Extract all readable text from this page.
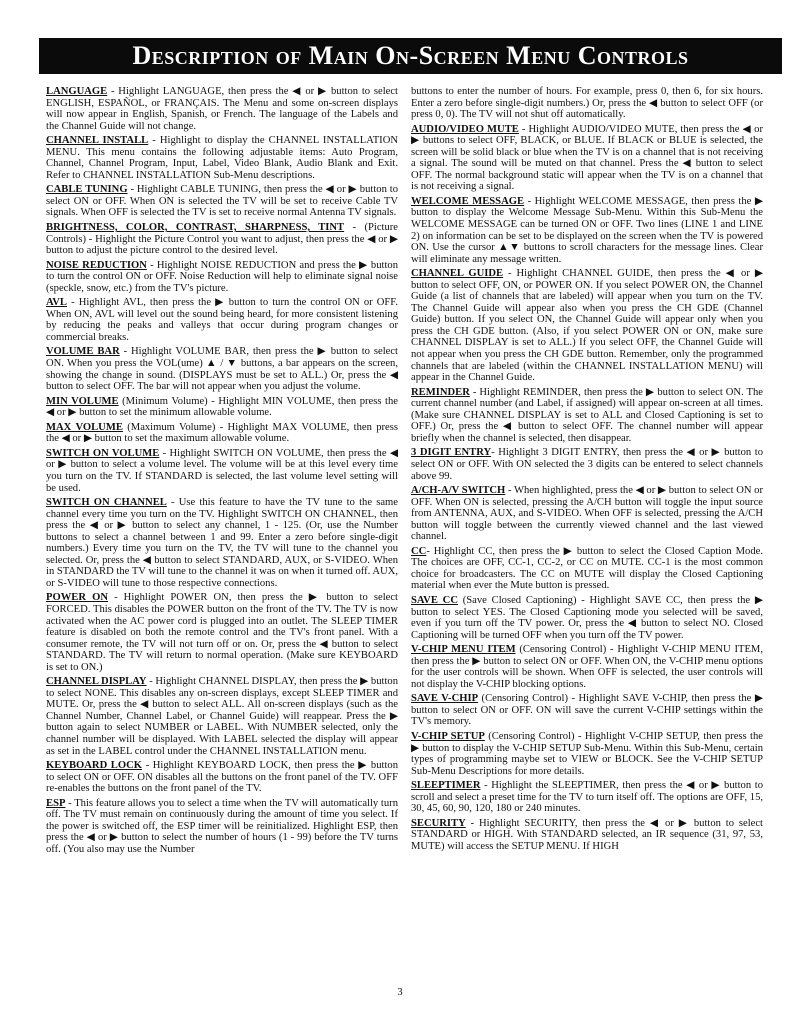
Description of Main On-Screen Menu Controls

LANGUAGE - Highlight LANGUAGE, then press the ◀ or ▶ button to select ENGLISH, ESPAÑOL, or FRANÇAIS. The Menu and some on-screen displays will now appear in English, Spanish, or French. The language of the Labels and the Channel Guide will not change.

CHANNEL INSTALL - Highlight to display the CHANNEL INSTALLATION MENU. This menu contains the following adjustable items: Auto Program, Channel, Channel Program, Input, Label, Video Blank, Audio Blank and Exit. Refer to CHANNEL INSTALLATION Sub-Menu descriptions.

CABLE TUNING - Highlight CABLE TUNING, then press the ◀ or ▶ button to select ON or OFF. When ON is selected the TV will be set to receive Cable TV signals. When OFF is selected the TV is set to receive normal Antenna TV signals.

BRIGHTNESS, COLOR, CONTRAST, SHARPNESS, TINT - (Picture Controls) - Highlight the Picture Control you want to adjust, then press the ◀ or ▶ button to adjust the picture control to the desired level.

NOISE REDUCTION - Highlight NOISE REDUCTION and press the ▶ button to turn the control ON or OFF. Noise Reduction will help to eliminate signal noise (speckle, snow, etc.) from the TV's picture.

AVL - Highlight AVL, then press the ▶ button to turn the control ON or OFF. When ON, AVL will level out the sound being heard, for more consistent listening by reducing the peaks and valleys that occur during program changes or commercial breaks.

VOLUME BAR - Highlight VOLUME BAR, then press the ▶ button to select ON. When you press the VOL(ume) ▲ / ▼ buttons, a bar appears on the screen, showing the change in sound. (DISPLAYS must be set to ALL.) Or, press the ◀ button to select OFF. The bar will not appear when you adjust the volume.

MIN VOLUME (Minimum Volume) - Highlight MIN VOLUME, then press the ◀ or ▶ button to set the minimum allowable volume.

MAX VOLUME (Maximum Volume) - Highlight MAX VOLUME, then press the ◀ or ▶ button to set the maximum allowable volume.

SWITCH ON VOLUME - Highlight SWITCH ON VOLUME, then press the ◀ or ▶ button to select a volume level. The volume will be at this level every time you turn on the TV. If STANDARD is selected, the last volume level setting will be used.

SWITCH ON CHANNEL - Use this feature to have the TV tune to the same channel every time you turn on the TV. Highlight SWITCH ON CHANNEL, then press the ◀ or ▶ button to select any channel, 1 - 125. (Or, use the Number buttons to select a channel between 1 and 99. Enter a zero before single-digit numbers.) Every time you turn on the TV, the TV will tune to the channel you selected. Or, press the ◀ button to select STANDARD, AUX, or S-VIDEO. When in STANDARD the TV will tune to the channel it was on when it turned off. AUX, or S-VIDEO will tune to those respective connections.

POWER ON - Highlight POWER ON, then press the ▶ button to select FORCED. This disables the POWER button on the front of the TV. The TV is now activated when the AC power cord is plugged into an outlet. The SLEEP TIMER feature is disabled on both the remote control and the TV's front panel. With a consumer remote, the TV will not turn off or on. Or, press the ◀ button to select STANDARD. The TV will return to normal operation. (Make sure KEYBOARD is set to ON.)

CHANNEL DISPLAY - Highlight CHANNEL DISPLAY, then press the ▶ button to select NONE. This disables any on-screen displays, except SLEEP TIMER and MUTE. Or, press the ◀ button to select ALL. All on-screen displays (such as the Channel Number, Channel Label, or Channel Guide) will reappear. Press the ▶ button again to select NUMBER or LABEL. With NUMBER selected, only the channel number will be displayed. With LABEL selected the display will appear as set in the LABEL control under the CHANNEL INSTALLATION menu.

KEYBOARD LOCK - Highlight KEYBOARD LOCK, then press the ▶ button to select ON or OFF. ON disables all the buttons on the front panel of the TV. OFF re-enables the buttons on the front panel of the TV.

ESP - This feature allows you to select a time when the TV will automatically turn off. The TV must remain on continuously during the amount of time you select. If the power is switched off, the ESP timer will be reinitialized. Highlight ESP, then press the ◀ or ▶ button to select the number of hours (1 - 99) before the TV turns off. (You also may use the Number

buttons to enter the number of hours. For example, press 0, then 6, for six hours. Enter a zero before single-digit numbers.) Or, press the ◀ button to select OFF (or press 0, 0). The TV will not shut off automatically.

AUDIO/VIDEO MUTE - Highlight AUDIO/VIDEO MUTE, then press the ◀ or ▶ buttons to select OFF, BLACK, or BLUE. If BLACK or BLUE is selected, the screen will be solid black or blue when the TV is on a channel that is not receiving a signal. The sound will be muted on that channel. Press the ◀ button to select OFF. The normal background static will appear when the TV is on a channel that is not receiving a signal.

WELCOME MESSAGE - Highlight WELCOME MESSAGE, then press the ▶ button to display the Welcome Message Sub-Menu. Within this Sub-Menu the WELCOME MESSAGE can be turned ON or OFF. Two lines (LINE 1 and LINE 2) on information can be set to be displayed on the screen when the TV is powered ON. Use the cursor ▲▼ buttons to scroll characters for the message lines. Clear will eliminate any message written.

CHANNEL GUIDE - Highlight CHANNEL GUIDE, then press the ◀ or ▶ button to select OFF, ON, or POWER ON. If you select POWER ON, the Channel Guide (a list of channels that are labeled) will appear when you turn on the TV. The Channel Guide will appear also when you press the CH GDE (Channel Guide) button. If you select ON, the Channel Guide will appear only when you press the CH GDE button. (Also, if you select POWER ON or ON, make sure CHANNEL DISPLAY is set to ALL.) If you select OFF, the Channel Guide will not appear when you press the CH GDE button. Remember, only the programmed channels that are labeled (within the CHANNEL INSTALLATION MENU) will appear in the Channel Guide.

REMINDER - Highlight REMINDER, then press the ▶ button to select ON. The current channel number (and Label, if assigned) will appear on-screen at all times. (Make sure CHANNEL DISPLAY is set to ALL and Closed Captioning is set to OFF.) Or, press the ◀ button to select OFF. The channel number will appear briefly when the channel is selected, then disappear.

3 DIGIT ENTRY- Highlight 3 DIGIT ENTRY, then press the ◀ or ▶ button to select ON or OFF. With ON selected the 3 digits can be entered to select channels above 99.

A/CH-A/V SWITCH - When highlighted, press the ◀ or ▶ button to select ON or OFF. When ON is selected, pressing the A/CH button will toggle the input source from ANTENNA, AUX, and S-VIDEO. When OFF is selected, pressing the A/CH button will toggle between the currently viewed channel and the last viewed channel.

CC- Highlight CC, then press the ▶ button to select the Closed Caption Mode. The choices are OFF, CC-1, CC-2, or CC on MUTE. CC-1 is the most common choice for broadcasters. The CC on MUTE will display the Closed Captioning material when ever the Mute button is pressed.

SAVE CC (Save Closed Captioning) - Highlight SAVE CC, then press the ▶ button to select YES. The Closed Captioning mode you selected will be saved, even if you turn off the TV power. Or, press the ◀ button to select NO. Closed Captioning will be turned OFF when you turn off the TV power.

V-CHIP MENU ITEM (Censoring Control) - Highlight V-CHIP MENU ITEM, then press the ▶ button to select ON or OFF. When ON, the V-CHIP menu options for the user controls will be shown. When OFF is selected, the user controls will not display the V-CHIP blocking options.

SAVE V-CHIP (Censoring Control) - Highlight SAVE V-CHIP, then press the ▶ button to select ON or OFF. ON will save the current V-CHIP settings within the TV's memory.

V-CHIP SETUP (Censoring Control) - Highlight V-CHIP SETUP, then press the ▶ button to display the V-CHIP SETUP Sub-Menu. Within this Sub-Menu, certain types of programming maybe set to VIEW or BLOCK. See the V-CHIP SETUP Sub-Menu Descriptions for more details.

SLEEPTIMER - Highlight the SLEEPTIMER, then press the ◀ or ▶ button to scroll and select a preset time for the TV to turn itself off. The options are OFF, 15, 30, 45, 60, 90, 120, 180 or 240 minutes.

SECURITY - Highlight SECURITY, then press the ◀ or ▶ button to select STANDARD or HIGH. With STANDARD selected, an IR sequence (31, 97, 53, MUTE) will access the SETUP MENU. If HIGH

3
